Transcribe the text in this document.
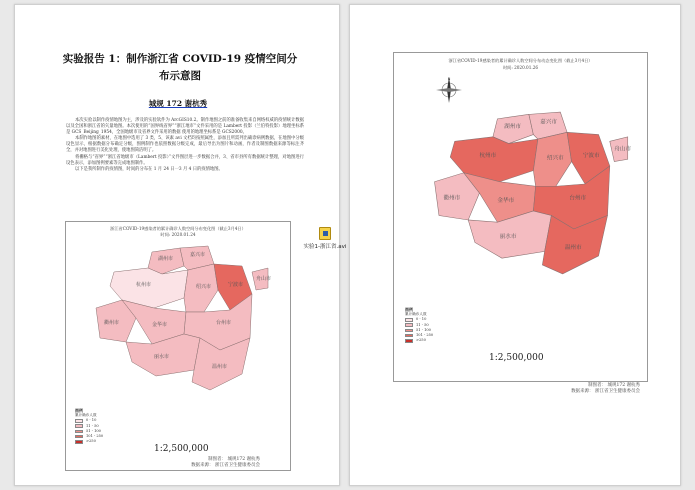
实验报告 1：制作浙江省 COVID-19 疫情空间分
布示意图
城规 172 谢杭秀

本次实验以制作疫情地图为主，涉及的实验软件为 ArcGIS10.2。制作地图之前的准备收集来自网络权威的疫情统计数据以及全国和浙江省的矢量地图。本次使用的“国界线省界”“浙江地市”文件采用的是 Lambert 投影（兰伯特投影）地理坐标系是 GCS_Beijing_1954，全国地级市及省界文件采用的数据 使用的地理坐标系是 GCS2000。

本制作地图的素材，在地图中选用了 3 类，5、该素 avi 文档均按照属性，添加且所需列出确诊病例数据，在地图中分级设色显示，根据数据分布确定分级，图例制作也依照数据分级完成，最后导出为图片和动画，作者及制图数据来源等标注齐全，并对地图进行美化处理，使地图简洁明了。

将栅格与“省界”“浙江省地级市（Lambert 投影）”文件图层进一步数据合并，3、省市县所有数据统计整理，对地图进行设色表示，添加图例要素等完成地图制作。

以下是我所制作的疫情图，时间的分布在 1 月 24 日一3 月 4 日的疫情地图。

浙江省COVID-19感染者的累计确诊人数空间分布变化图（截止3月4日）
时间: 2020.01.24
湖州市
嘉兴市
杭州市	绍兴市	宁波市
舟山市
衢州市	金华市	台州市
丽水市
温州市
图例
累计确诊人数
0 - 10
11 - 50
51 - 100
101 - 250
>250
1:2,500,000
制图者： 城规172 谢杭秀
数据来源： 浙江省卫生健康委员会
实验1-浙江省.avi
浙江省COVID-19感染者的累计确诊人数空间分布动态变化图（截止3月4日）
时间: 2020.01.26
N
湖州市
嘉兴市
杭州市	绍兴市	宁波市
舟山市
衢州市	金华市	台州市
丽水市
温州市
图例
累计确诊人数
0 - 10
11 - 50
51 - 100
101 - 250
>250
1:2,500,000
制图者： 城规172 谢杭秀
数据来源： 浙江省卫生健康委员会
